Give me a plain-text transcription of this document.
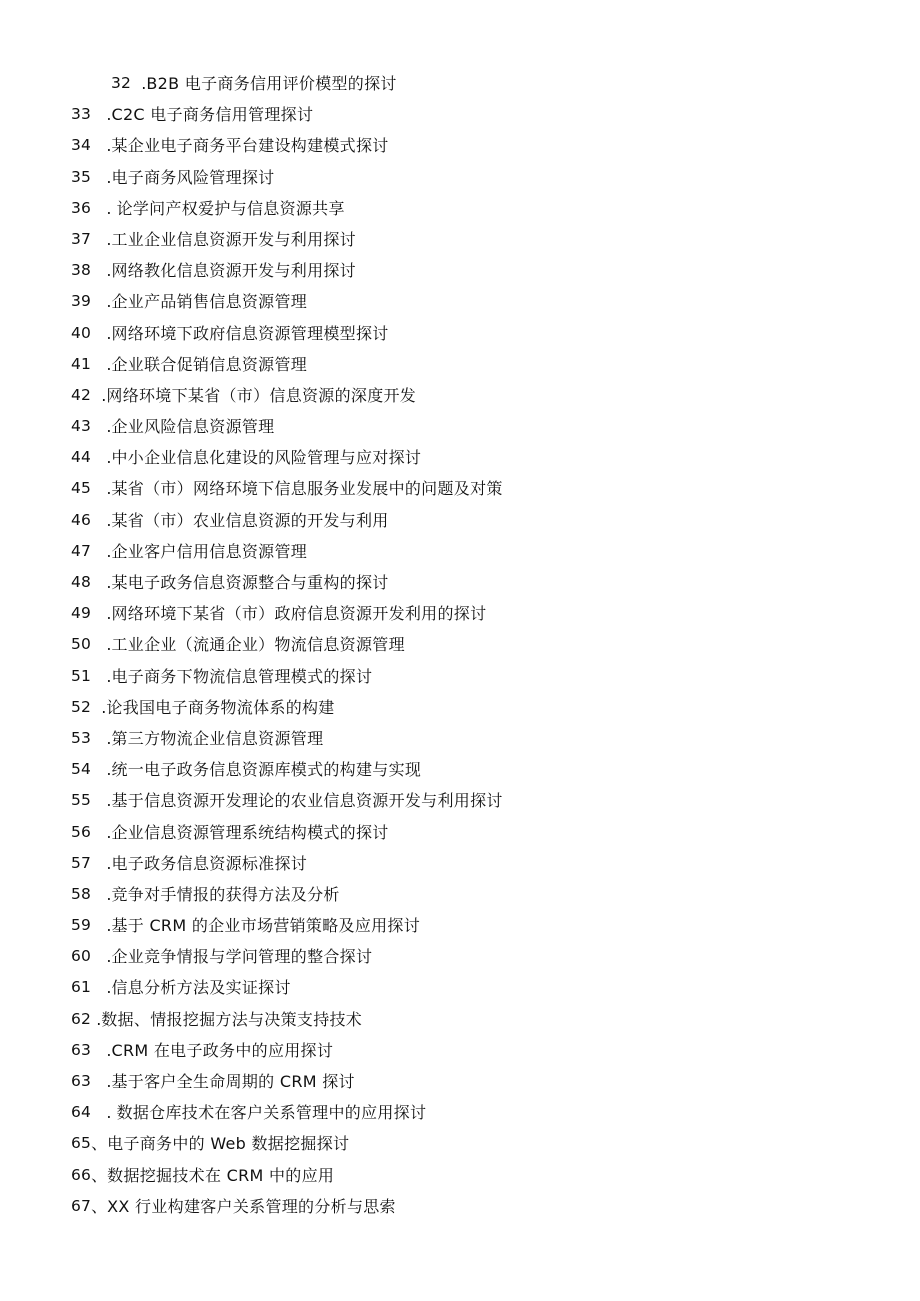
32 . B2B 电子商务信用评价模型的探讨
33 . C2C 电子商务信用管理探讨
34 . 某企业电子商务平台建设构建模式探讨
35 . 电子商务风险管理探讨
36 . 论学问产权爱护与信息资源共享
37 . 工业企业信息资源开发与利用探讨
38 . 网络教化信息资源开发与利用探讨
39 . 企业产品销售信息资源管理
40 . 网络环境下政府信息资源管理模型探讨
41 . 企业联合促销信息资源管理
42 . 网络环境下某省（市）信息资源的深度开发
43 . 企业风险信息资源管理
44 . 中小企业信息化建设的风险管理与应对探讨
45 . 某省（市）网络环境下信息服务业发展中的问题及对策
46 . 某省（市）农业信息资源的开发与利用
47 . 企业客户信用信息资源管理
48 . 某电子政务信息资源整合与重构的探讨
49 . 网络环境下某省（市）政府信息资源开发利用的探讨
50 . 工业企业（流通企业）物流信息资源管理
51 . 电子商务下物流信息管理模式的探讨
52 . 论我国电子商务物流体系的构建
53 . 第三方物流企业信息资源管理
54 . 统一电子政务信息资源库模式的构建与实现
55 . 基于信息资源开发理论的农业信息资源开发与利用探讨
56 . 企业信息资源管理系统结构模式的探讨
57 . 电子政务信息资源标准探讨
58 . 竞争对手情报的获得方法及分析
59 . 基于 CRM 的企业市场营销策略及应用探讨
60 . 企业竞争情报与学问管理的整合探讨
61 . 信息分析方法及实证探讨
62 . 数据、情报挖掘方法与决策支持技术
63 . CRM 在电子政务中的应用探讨
63 . 基于客户全生命周期的 CRM 探讨
64 . 数据仓库技术在客户关系管理中的应用探讨
65 、 电子商务中的 Web 数据挖掘探讨
66 、 数据挖掘技术在 CRM 中的应用
67 、 XX 行业构建客户关系管理的分析与思索
